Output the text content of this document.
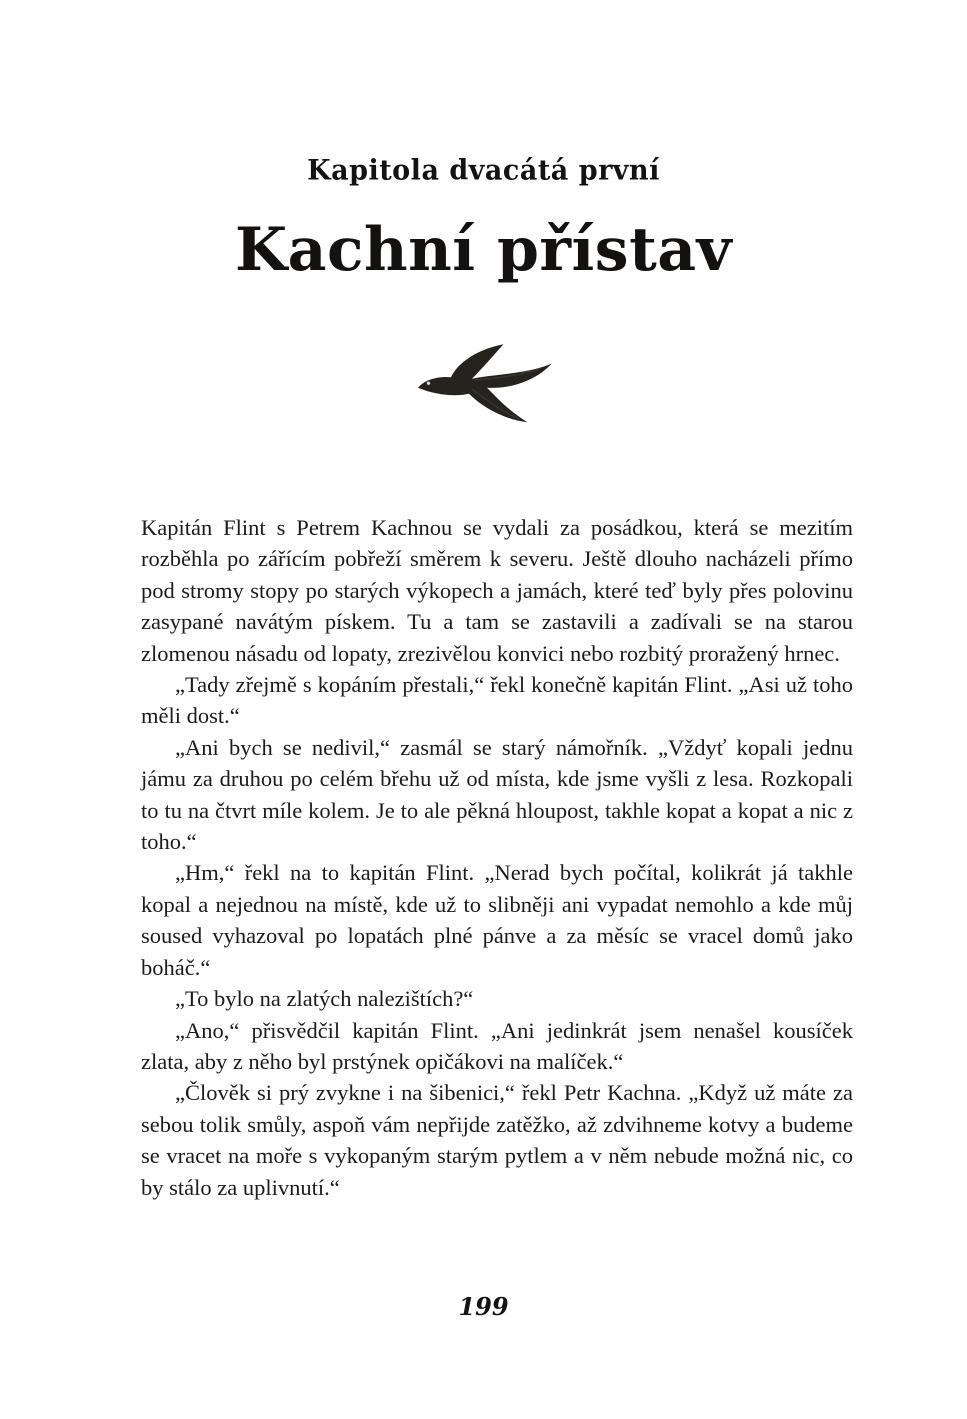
Kapitola dvacátá první
Kachní přístav

Kapitán Flint s Petrem Kachnou se vydali za posádkou, která se mezitím rozběhla po zářícím pobřeží směrem k severu. Ještě dlouho nacházeli přímo pod stromy stopy po starých výkopech a jamách, které teď byly přes polovinu zasypané navátým pískem. Tu a tam se zastavili a zadívali se na starou zlomenou násadu od lopaty, zrezivělou konvici nebo rozbitý proražený hrnec.

„Tady zřejmě s kopáním přestali,“ řekl konečně kapitán Flint. „Asi už toho měli dost.“

„Ani bych se nedivil,“ zasmál se starý námořník. „Vždyť kopali jednu jámu za druhou po celém břehu už od místa, kde jsme vyšli z lesa. Rozkopali to tu na čtvrt míle kolem. Je to ale pěkná hloupost, takhle kopat a kopat a nic z toho.“

„Hm,“ řekl na to kapitán Flint. „Nerad bych počítal, kolikrát já takhle kopal a nejednou na místě, kde už to slibněji ani vypadat nemohlo a kde můj soused vyhazoval po lopatách plné pánve a za měsíc se vracel domů jako boháč.“

„To bylo na zlatých nalezištích?“

„Ano,“ přisvědčil kapitán Flint. „Ani jedinkrát jsem nenašel kousíček zlata, aby z něho byl prstýnek opičákovi na malíček.“

„Člověk si prý zvykne i na šibenici,“ řekl Petr Kachna. „Když už máte za sebou tolik smůly, aspoň vám nepřijde zatěžko, až zdvihneme kotvy a budeme se vracet na moře s vykopaným starým pytlem a v něm nebude možná nic, co by stálo za uplivnutí.“

199
